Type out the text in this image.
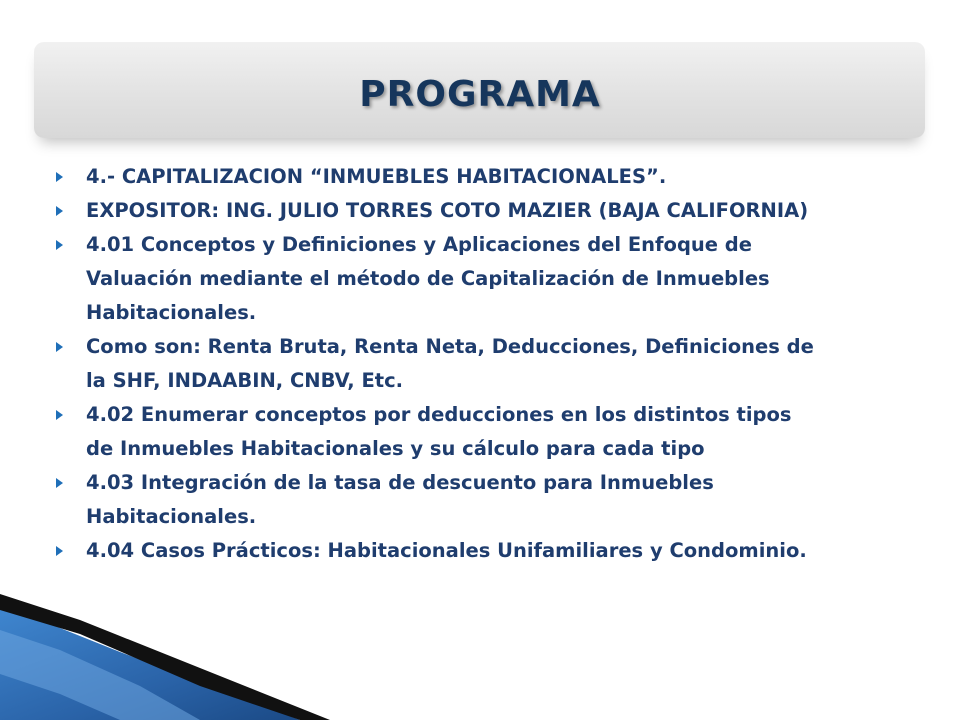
PROGRAMA
4.- CAPITALIZACION “INMUEBLES HABITACIONALES”.
EXPOSITOR: ING. JULIO TORRES COTO MAZIER (BAJA CALIFORNIA)
4.01 Conceptos y Definiciones y Aplicaciones del Enfoque de
Valuación mediante el método de Capitalización de Inmuebles
Habitacionales.
Como son: Renta Bruta, Renta Neta, Deducciones, Definiciones de
la SHF, INDAABIN, CNBV, Etc.
4.02 Enumerar conceptos por deducciones en los distintos tipos
de Inmuebles Habitacionales y su cálculo para cada tipo
4.03 Integración de la tasa de descuento para Inmuebles
Habitacionales.
4.04 Casos Prácticos: Habitacionales Unifamiliares y Condominio.
